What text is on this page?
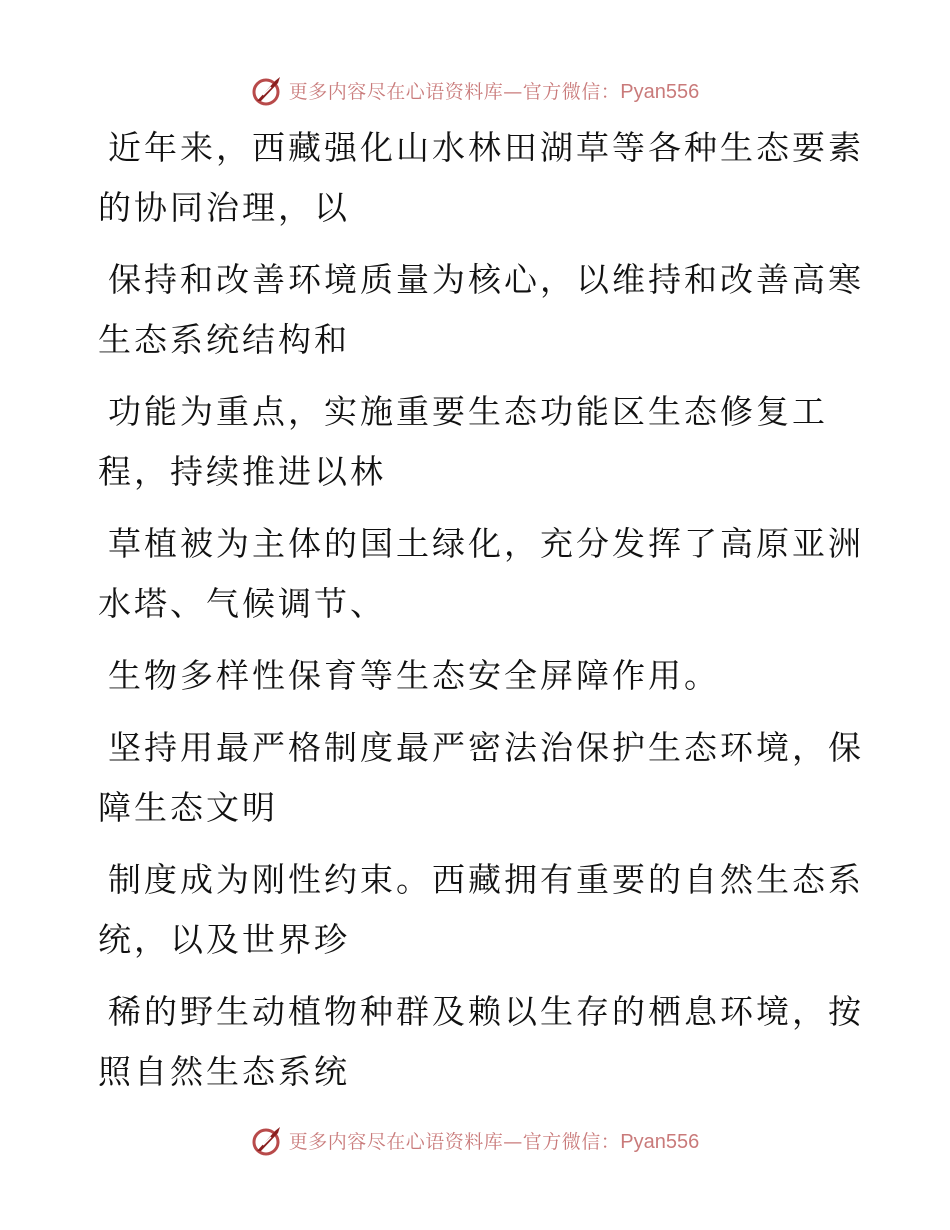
更多内容尽在心语资料库—官方微信：Pyan556

近年来，西藏强化山水林田湖草等各种生态要素
的协同治理，以

保持和改善环境质量为核心，以维持和改善高寒
生态系统结构和

功能为重点，实施重要生态功能区生态修复工
程，持续推进以林

草植被为主体的国土绿化，充分发挥了高原亚洲
水塔、气候调节、

生物多样性保育等生态安全屏障作用。

坚持用最严格制度最严密法治保护生态环境，保
障生态文明

制度成为刚性约束。西藏拥有重要的自然生态系
统，以及世界珍

稀的野生动植物种群及赖以生存的栖息环境，按
照自然生态系统

更多内容尽在心语资料库—官方微信：Pyan556
